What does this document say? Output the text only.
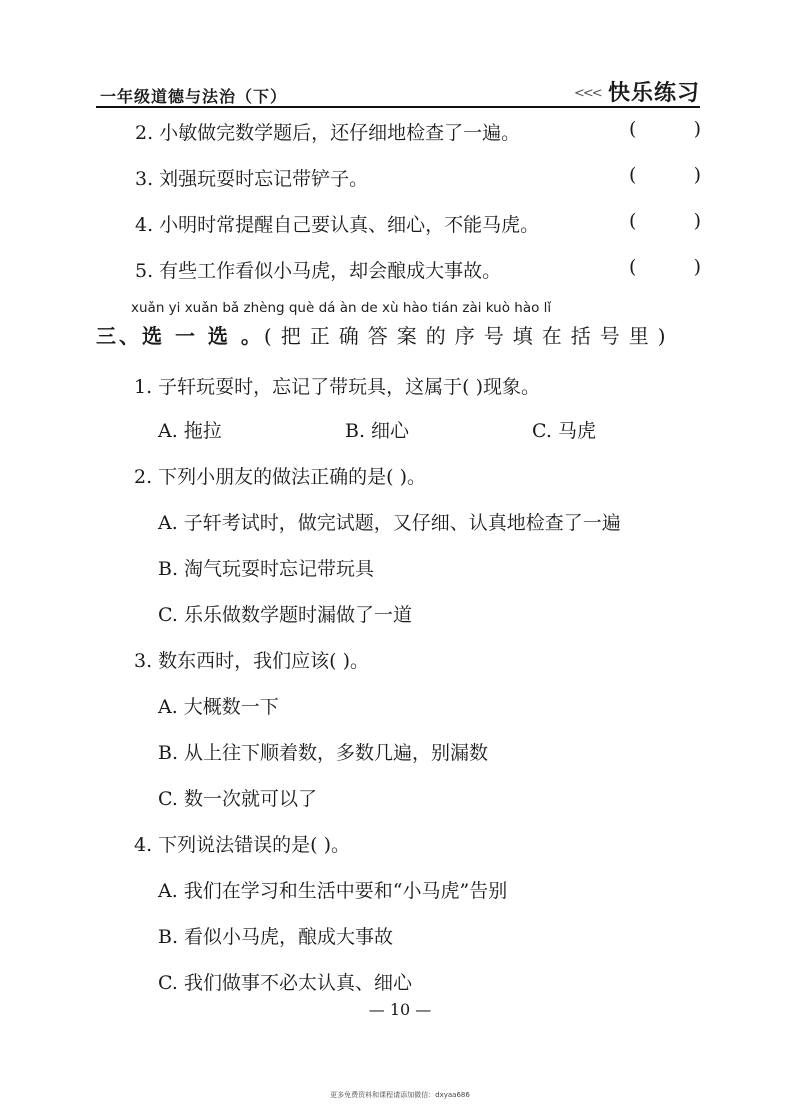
一年级道德与法治（下）	<<< 快乐练习
2. 小敏做完数学题后，还仔细地检查了一遍。	(	)
3. 刘强玩耍时忘记带铲子。	(	)
4. 小明时常提醒自己要认真、细心，不能马虎。	(	)
5. 有些工作看似小马虎，却会酿成大事故。	(	)
xuǎn yi xuǎn bǎ zhèng què dá àn de xù hào tián zài kuò hào lǐ
三、选 一 选 。(把正确答案的序号填在括号里)
1. 子轩玩耍时，忘记了带玩具，这属于( )现象。
A. 拖拉	B. 细心	C. 马虎
2. 下列小朋友的做法正确的是( )。
A. 子轩考试时，做完试题，又仔细、认真地检查了一遍
B. 淘气玩耍时忘记带玩具
C. 乐乐做数学题时漏做了一道
3. 数东西时，我们应该( )。
A. 大概数一下
B. 从上往下顺着数，多数几遍，别漏数
C. 数一次就可以了
4. 下列说法错误的是( )。
A. 我们在学习和生活中要和“小马虎”告别
B. 看似小马虎，酿成大事故
C. 我们做事不必太认真、细心
— 10 —
更多免费资料和课程请添加微信：dxyaa686
